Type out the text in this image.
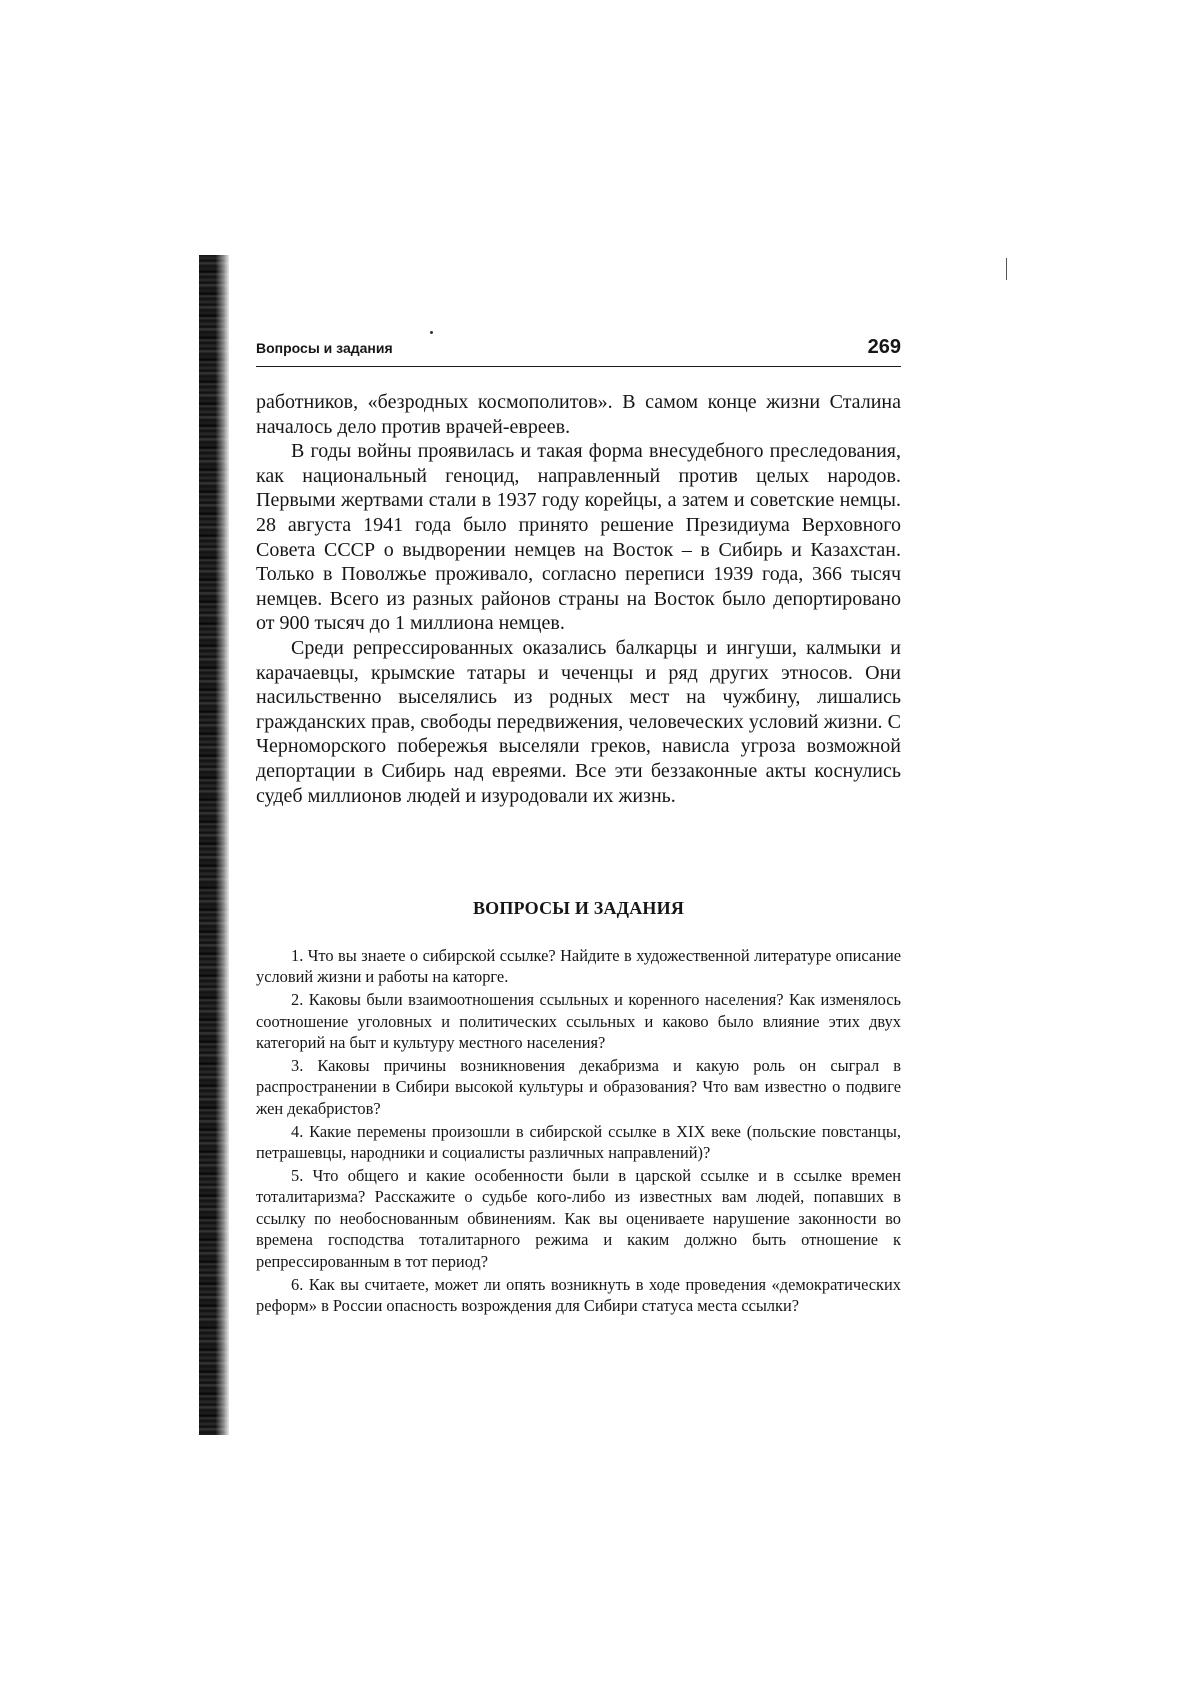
Вопросы и задания	269

работников, «безродных космополитов». В самом конце жизни Сталина началось дело против врачей-евреев.

В годы войны проявилась и такая форма внесудебного преследования, как национальный геноцид, направленный против целых народов. Первыми жертвами стали в 1937 году корейцы, а затем и советские немцы. 28 августа 1941 года было принято решение Президиума Верховного Совета СССР о выдворении немцев на Восток – в Сибирь и Казахстан. Только в Поволжье проживало, согласно переписи 1939 года, 366 тысяч немцев. Всего из разных районов страны на Восток было депортировано от 900 тысяч до 1 миллиона немцев.

Среди репрессированных оказались балкарцы и ингуши, калмыки и карачаевцы, крымские татары и чеченцы и ряд других этносов. Они насильственно выселялись из родных мест на чужбину, лишались гражданских прав, свободы передвижения, человеческих условий жизни. С Черноморского побережья выселяли греков, нависла угроза возможной депортации в Сибирь над евреями. Все эти беззаконные акты коснулись судеб миллионов людей и изуродовали их жизнь.

ВОПРОСЫ И ЗАДАНИЯ

1. Что вы знаете о сибирской ссылке? Найдите в художественной литературе описание условий жизни и работы на каторге.

2. Каковы были взаимоотношения ссыльных и коренного населения? Как изменялось соотношение уголовных и политических ссыльных и каково было влияние этих двух категорий на быт и культуру местного населения?

3. Каковы причины возникновения декабризма и какую роль он сыграл в распространении в Сибири высокой культуры и образования? Что вам известно о подвиге жен декабристов?

4. Какие перемены произошли в сибирской ссылке в XIX веке (польские повстанцы, петрашевцы, народники и социалисты различных направлений)?

5. Что общего и какие особенности были в царской ссылке и в ссылке времен тоталитаризма? Расскажите о судьбе кого-либо из известных вам людей, попавших в ссылку по необоснованным обвинениям. Как вы оцениваете нарушение законности во времена господства тоталитарного режима и каким должно быть отношение к репрессированным в тот период?

6. Как вы считаете, может ли опять возникнуть в ходе проведения «демократических реформ» в России опасность возрождения для Сибири статуса места ссылки?
